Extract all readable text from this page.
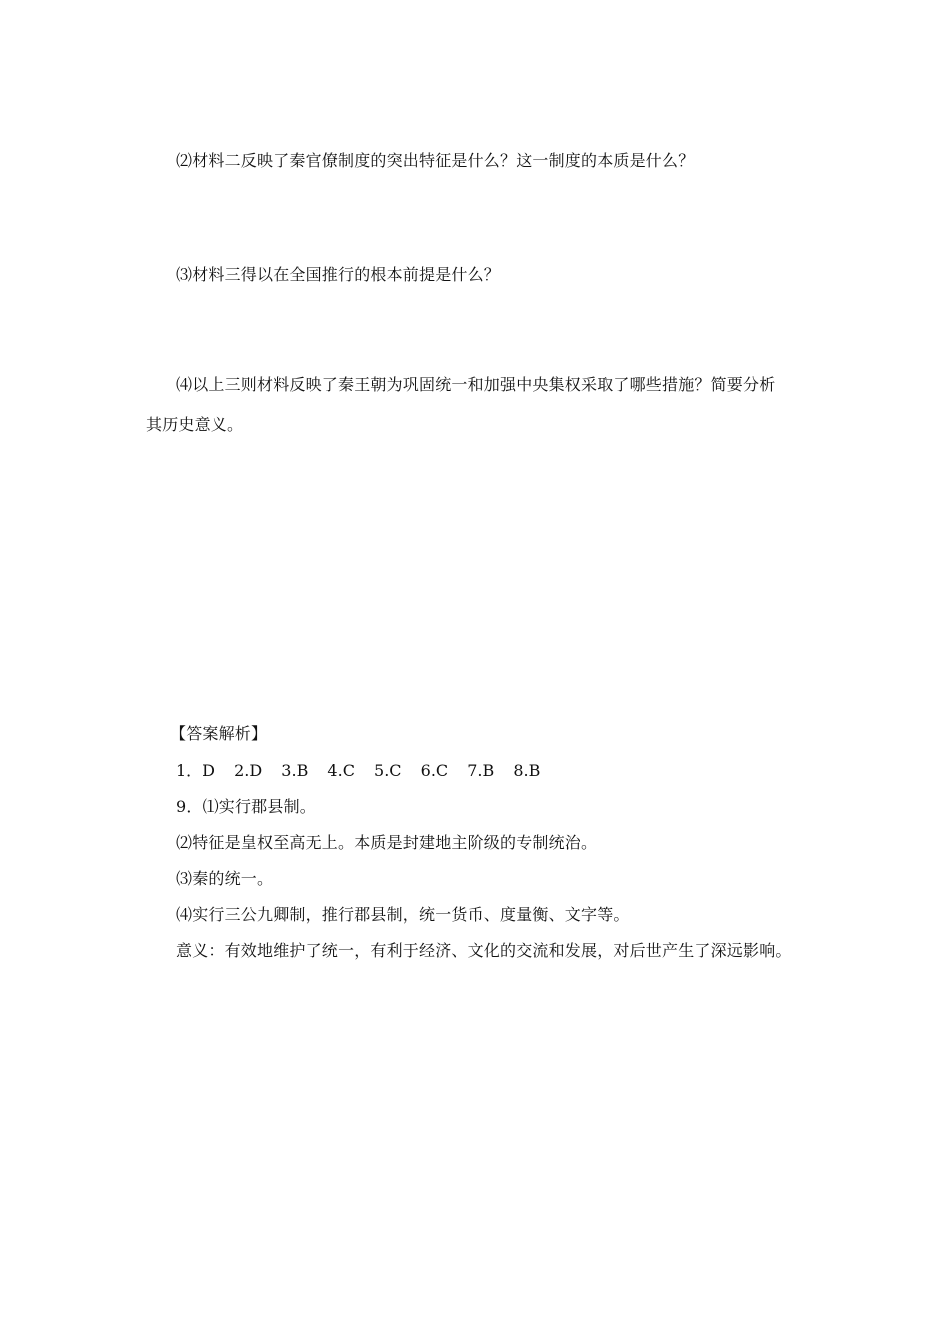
⑵材料二反映了秦官僚制度的突出特征是什么？这一制度的本质是什么？
⑶材料三得以在全国推行的根本前提是什么？
⑷以上三则材料反映了秦王朝为巩固统一和加强中央集权采取了哪些措施？简要分析
其历史意义。
【答案解析】
1．D 2.D 3.B 4.C 5.C 6.C 7.B 8.B
9．⑴实行郡县制。
⑵特征是皇权至高无上。本质是封建地主阶级的专制统治。
⑶秦的统一。
⑷实行三公九卿制，推行郡县制，统一货币、度量衡、文字等。
意义：有效地维护了统一，有利于经济、文化的交流和发展，对后世产生了深远影响。
